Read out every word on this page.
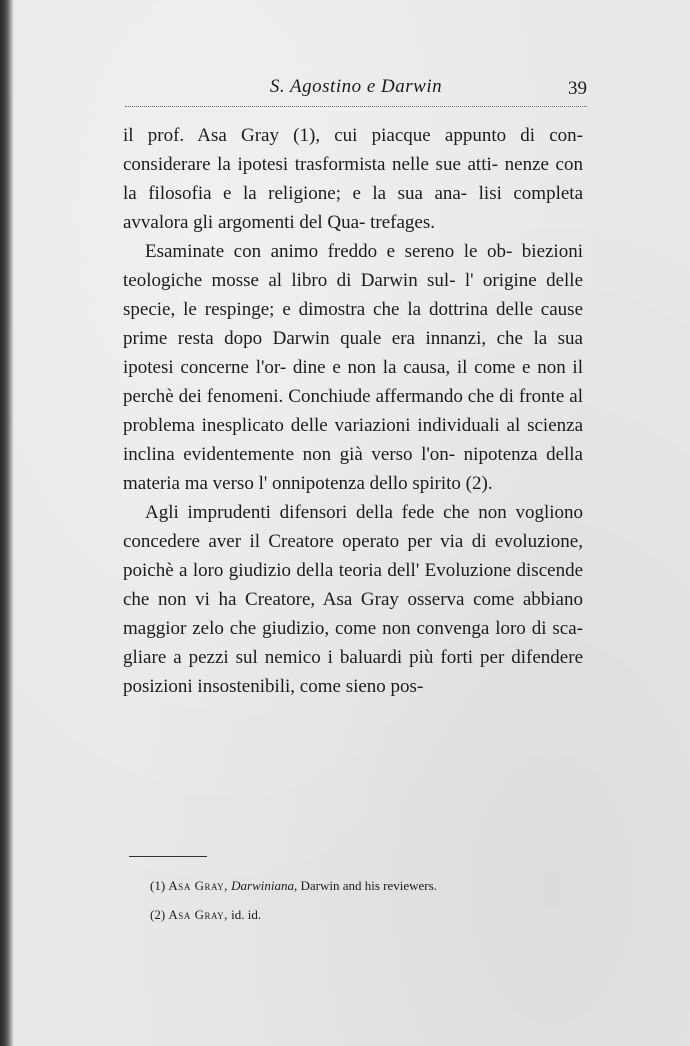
S. Agostino e Darwin	39

il prof. Asa Gray (1), cui piacque appunto di con- considerare la ipotesi trasformista nelle sue atti- nenze con la filosofia e la religione; e la sua ana- lisi completa avvalora gli argomenti del Qua- trefages.

Esaminate con animo freddo e sereno le ob- biezioni teologiche mosse al libro di Darwin sul- l' origine delle specie, le respinge; e dimostra che la dottrina delle cause prime resta dopo Darwin quale era innanzi, che la sua ipotesi concerne l'or- dine e non la causa, il come e non il perchè dei fenomeni. Conchiude affermando che di fronte al problema inesplicato delle variazioni individuali al scienza inclina evidentemente non già verso l'on- nipotenza della materia ma verso l' onnipotenza dello spirito (2).

Agli imprudenti difensori della fede che non vogliono concedere aver il Creatore operato per via di evoluzione, poichè a loro giudizio della teoria dell' Evoluzione discende che non vi ha Creatore, Asa Gray osserva come abbiano maggior zelo che giudizio, come non convenga loro di sca- gliare a pezzi sul nemico i baluardi più forti per difendere posizioni insostenibili, come sieno pos-

(1) Asa Gray, Darwiniana, Darwin and his reviewers.
(2) Asa Gray, id. id.
